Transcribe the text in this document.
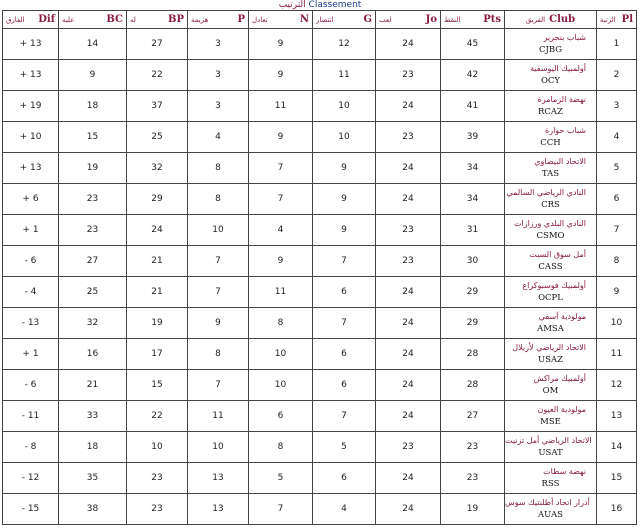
الترتيب Classement
الفارق Dif	عليه BC	له BP	هزيمة P	تعادل N	انتصار G	لعب Jo	النقط Pts	الفريق Club	الرتبة Pl

+ 13	14	27	3	9	12	24	45	شباب بنجرير
CJBG	1
+ 13	9	22	3	9	11	23	42	أولمبيك اليوسفية
OCY	2
+ 19	18	37	3	11	10	24	41	نهضة الزمامرة
RCAZ	3
+ 10	15	25	4	9	10	23	39	شباب حوارة
CCH	4
+ 13	19	32	8	7	9	24	34	الاتحاد البيضاوي
TAS	5
+ 6	23	29	8	7	9	24	34	النادي الرياضي السالمي
CRS	6
+ 1	23	24	10	4	9	23	31	النادي البلدي ورزازات
CSMO	7
- 6	27	21	7	9	7	23	30	أمل سوق السبت
CASS	8
- 4	25	21	7	11	6	24	29	أولمبيك فوسبوكراع
OCPL	9
- 13	32	19	9	8	7	24	29	مولودية آسفي
AMSA	10
+ 1	16	17	8	10	6	24	28	الاتحاد الرياضي لأزيلال
USAZ	11
- 6	21	15	7	10	6	24	28	أولمبيك مراكش
OM	12
- 11	33	22	11	6	7	24	27	مولودية العيون
MSE	13
- 8	18	10	10	8	5	23	23	الاتحاد الرياضي أمل تزنيت
USAT	14
- 12	35	23	13	5	6	24	23	نهضة سطات
RSS	15
- 15	38	23	13	7	4	24	19	أدرار اتحاد أطلنتيك سوس
AUAS	16
